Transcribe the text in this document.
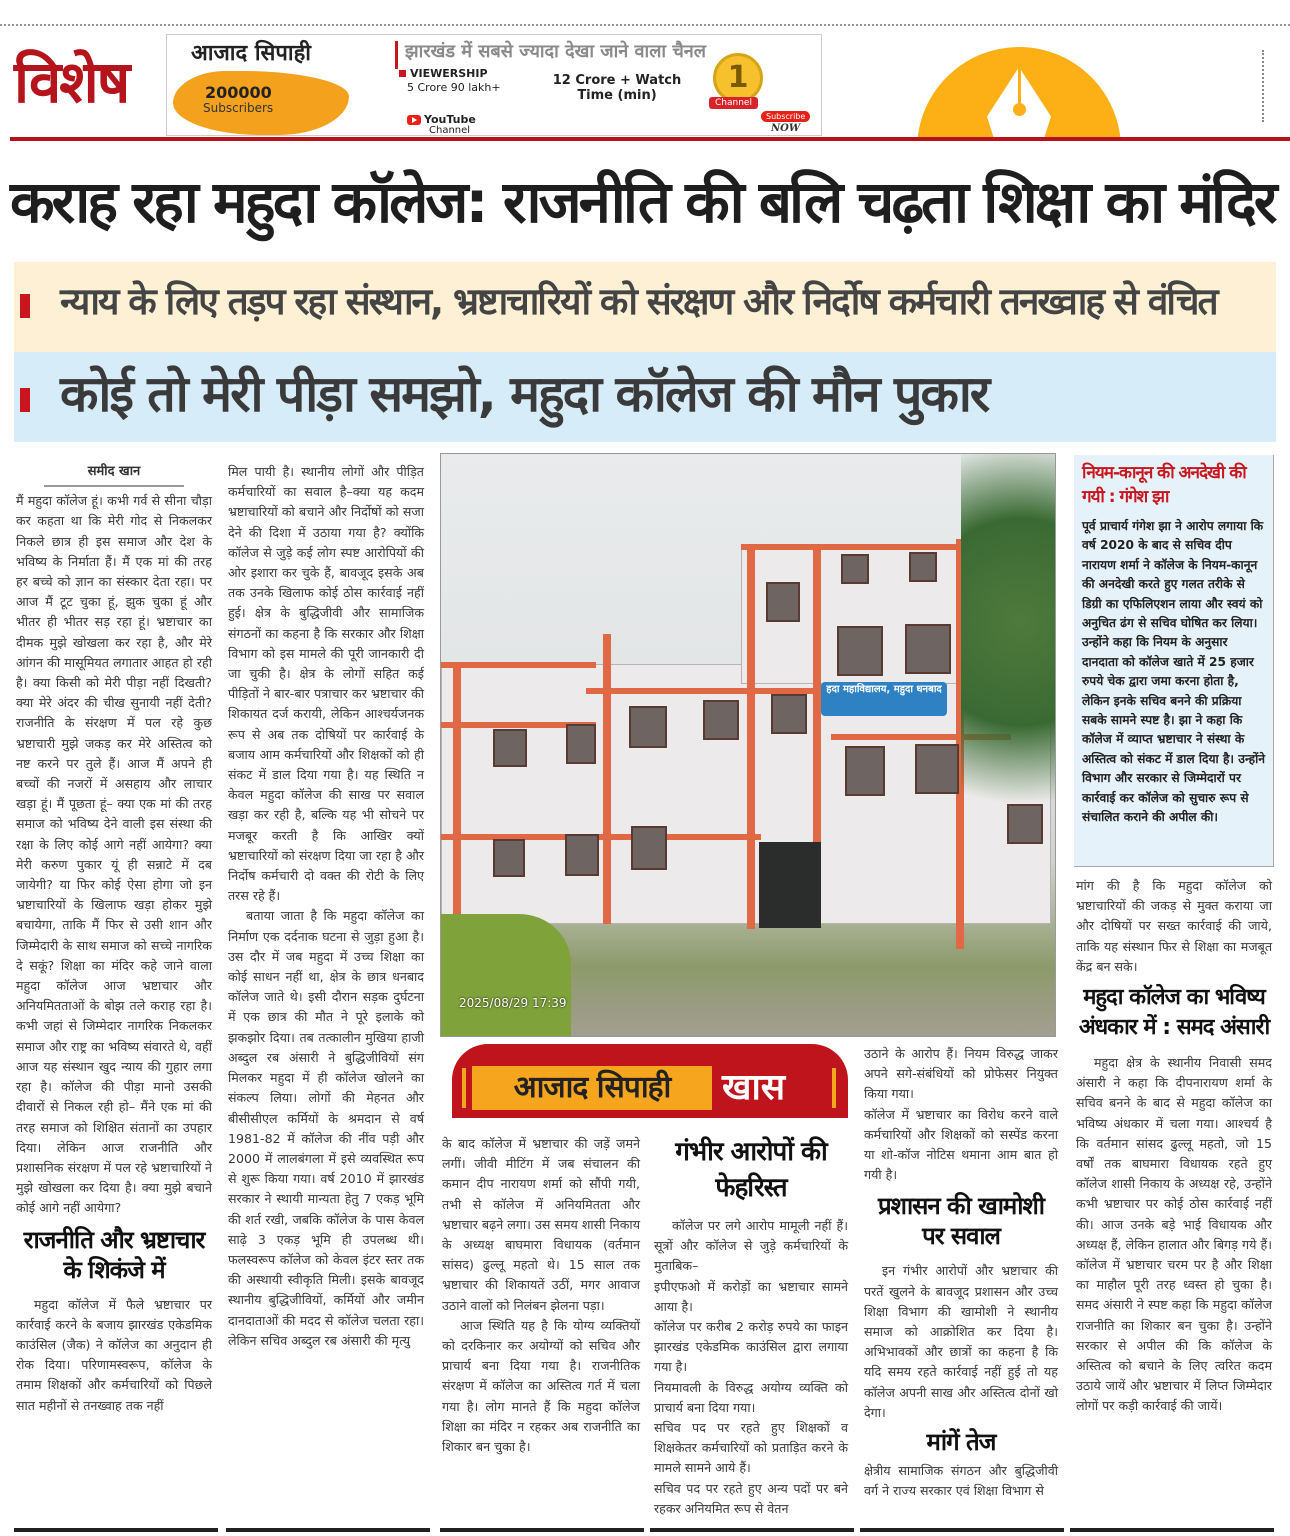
विशेष	आजाद सिपाही	झारखंड में सबसे ज्यादा देखा जाने वाला चैनल
200000
Subscribers
VIEWERSHIP
5 Crore 90 lakh+	12 Crore + Watch Time (min)
YouTube
Channel
1
Channel
Subscribe
NOW
कराह रहा महुदा कॉलेज: राजनीति की बलि चढ़ता शिक्षा का मंदिर
न्याय के लिए तड़प रहा संस्थान, भ्रष्टाचारियों को संरक्षण और निर्दोष कर्मचारी तनख्वाह से वंचित
कोई तो मेरी पीड़ा समझो, महुदा कॉलेज की मौन पुकार
समीद खान

मैं महुदा कॉलेज हूं। कभी गर्व से सीना चौड़ा कर कहता था कि मेरी गोद से निकलकर निकले छात्र ही इस समाज और देश के भविष्य के निर्माता हैं। मैं एक मां की तरह हर बच्चे को ज्ञान का संस्कार देता रहा। पर आज मैं टूट चुका हूं, झुक चुका हूं और भीतर ही भीतर सड़ रहा हूं। भ्रष्टाचार का दीमक मुझे खोखला कर रहा है, और मेरे आंगन की मासूमियत लगातार आहत हो रही है। क्या किसी को मेरी पीड़ा नहीं दिखती? क्या मेरे अंदर की चीख सुनायी नहीं देती? राजनीति के संरक्षण में पल रहे कुछ भ्रष्टाचारी मुझे जकड़ कर मेरे अस्तित्व को नष्ट करने पर तुले हैं। आज मैं अपने ही बच्चों की नजरों में असहाय और लाचार खड़ा हूं। मैं पूछता हूं– क्या एक मां की तरह समाज को भविष्य देने वाली इस संस्था की रक्षा के लिए कोई आगे नहीं आयेगा? क्या मेरी करुण पुकार यूं ही सन्नाटे में दब जायेगी? या फिर कोई ऐसा होगा जो इन भ्रष्टाचारियों के खिलाफ खड़ा होकर मुझे बचायेगा, ताकि मैं फिर से उसी शान और जिम्मेदारी के साथ समाज को सच्चे नागरिक दे सकूं? शिक्षा का मंदिर कहे जाने वाला महुदा कॉलेज आज भ्रष्टाचार और अनियमितताओं के बोझ तले कराह रहा है। कभी जहां से जिम्मेदार नागरिक निकलकर समाज और राष्ट्र का भविष्य संवारते थे, वहीं आज यह संस्थान खुद न्याय की गुहार लगा रहा है। कॉलेज की पीड़ा मानो उसकी दीवारों से निकल रही हो– मैंने एक मां की तरह समाज को शिक्षित संतानों का उपहार दिया। लेकिन आज राजनीति और प्रशासनिक संरक्षण में पल रहे भ्रष्टाचारियों ने मुझे खोखला कर दिया है। क्या मुझे बचाने कोई आगे नहीं आयेगा?

राजनीति और भ्रष्टाचार के शिकंजे में

महुदा कॉलेज में फैले भ्रष्टाचार पर कार्रवाई करने के बजाय झारखंड एकेडमिक काउंसिल (जैक) ने कॉलेज का अनुदान ही रोक दिया। परिणामस्वरूप, कॉलेज के तमाम शिक्षकों और कर्मचारियों को पिछले सात महीनों से तनख्वाह तक नहीं

मिल पायी है। स्थानीय लोगों और पीड़ित कर्मचारियों का सवाल है–क्या यह कदम भ्रष्टाचारियों को बचाने और निर्दोषों को सजा देने की दिशा में उठाया गया है? क्योंकि कॉलेज से जुड़े कई लोग स्पष्ट आरोपियों की ओर इशारा कर चुके हैं, बावजूद इसके अब तक उनके खिलाफ कोई ठोस कार्रवाई नहीं हुई। क्षेत्र के बुद्धिजीवी और सामाजिक संगठनों का कहना है कि सरकार और शिक्षा विभाग को इस मामले की पूरी जानकारी दी जा चुकी है। क्षेत्र के लोगों सहित कई पीड़ितों ने बार-बार पत्राचार कर भ्रष्टाचार की शिकायत दर्ज करायी, लेकिन आश्चर्यजनक रूप से अब तक दोषियों पर कार्रवाई के बजाय आम कर्मचारियों और शिक्षकों को ही संकट में डाल दिया गया है। यह स्थिति न केवल महुदा कॉलेज की साख पर सवाल खड़ा कर रही है, बल्कि यह भी सोचने पर मजबूर करती है कि आखिर क्यों भ्रष्टाचारियों को संरक्षण दिया जा रहा है और निर्दोष कर्मचारी दो वक्त की रोटी के लिए तरस रहे हैं।

बताया जाता है कि महुदा कॉलेज का निर्माण एक दर्दनाक घटना से जुड़ा हुआ है। उस दौर में जब महुदा में उच्च शिक्षा का कोई साधन नहीं था, क्षेत्र के छात्र धनबाद कॉलेज जाते थे। इसी दौरान सड़क दुर्घटना में एक छात्र की मौत ने पूरे इलाके को झकझोर दिया। तब तत्कालीन मुखिया हाजी अब्दुल रब अंसारी ने बुद्धिजीवियों संग मिलकर महुदा में ही कॉलेज खोलने का संकल्प लिया। लोगों की मेहनत और बीसीसीएल कर्मियों के श्रमदान से वर्ष 1981-82 में कॉलेज की नींव पड़ी और 2000 में लालबंगला में इसे व्यवस्थित रूप से शुरू किया गया। वर्ष 2010 में झारखंड सरकार ने स्थायी मान्यता हेतु 7 एकड़ भूमि की शर्त रखी, जबकि कॉलेज के पास केवल साढ़े 3 एकड़ भूमि ही उपलब्ध थी। फलस्वरूप कॉलेज को केवल इंटर स्तर तक की अस्थायी स्वीकृति मिली। इसके बावजूद स्थानीय बुद्धिजीवियों, कर्मियों और जमीन दानदाताओं की मदद से कॉलेज चलता रहा। लेकिन सचिव अब्दुल रब अंसारी की मृत्यु

हदा महाविद्यालय, महुदा धनबाद
2025/08/29 17:39
नियम-कानून की अनदेखी की गयी : गंगेश झा
पूर्व प्राचार्य गंगेश झा ने आरोप लगाया कि वर्ष 2020 के बाद से सचिव दीप नारायण शर्मा ने कॉलेज के नियम-कानून की अनदेखी करते हुए गलत तरीके से डिग्री का एफिलिएशन लाया और स्वयं को अनुचित ढंग से सचिव घोषित कर लिया। उन्होंने कहा कि नियम के अनुसार दानदाता को कॉलेज खाते में 25 हजार रुपये चेक द्वारा जमा करना होता है, लेकिन इनके सचिव बनने की प्रक्रिया सबके सामने स्पष्ट है। झा ने कहा कि कॉलेज में व्याप्त भ्रष्टाचार ने संस्था के अस्तित्व को संकट में डाल दिया है। उन्होंने विभाग और सरकार से जिम्मेदारों पर कार्रवाई कर कॉलेज को सुचारु रूप से संचालित कराने की अपील की।
आजाद सिपाही	खास

के बाद कॉलेज में भ्रष्टाचार की जड़ें जमने लगीं। जीवी मीटिंग में जब संचालन की कमान दीप नारायण शर्मा को सौंपी गयी, तभी से कॉलेज में अनियमितता और भ्रष्टाचार बढ़ने लगा। उस समय शासी निकाय के अध्यक्ष बाघमारा विधायक (वर्तमान सांसद) ढुल्लू महतो थे। 15 साल तक भ्रष्टाचार की शिकायतें उठीं, मगर आवाज उठाने वालों को निलंबन झेलना पड़ा।

आज स्थिति यह है कि योग्य व्यक्तियों को दरकिनार कर अयोग्यों को सचिव और प्राचार्य बना दिया गया है। राजनीतिक संरक्षण में कॉलेज का अस्तित्व गर्त में चला गया है। लोग मानते हैं कि महुदा कॉलेज शिक्षा का मंदिर न रहकर अब राजनीति का शिकार बन चुका है।

गंभीर आरोपों की फेहरिस्त

कॉलेज पर लगे आरोप मामूली नहीं हैं। सूत्रों और कॉलेज से जुड़े कर्मचारियों के मुताबिक–

इपीएफओ में करोड़ों का भ्रष्टाचार सामने आया है।

कॉलेज पर करीब 2 करोड़ रुपये का फाइन झारखंड एकेडमिक काउंसिल द्वारा लगाया गया है।

नियमावली के विरुद्ध अयोग्य व्यक्ति को प्राचार्य बना दिया गया।

सचिव पद पर रहते हुए शिक्षकों व शिक्षकेतर कर्मचारियों को प्रताड़ित करने के मामले सामने आये हैं।

सचिव पद पर रहते हुए अन्य पदों पर बने रहकर अनियमित रूप से वेतन

उठाने के आरोप हैं। नियम विरुद्ध जाकर अपने सगे-संबंधियों को प्रोफेसर नियुक्त किया गया।

कॉलेज में भ्रष्टाचार का विरोध करने वाले कर्मचारियों और शिक्षकों को सस्पेंड करना या शो-कॉज नोटिस थमाना आम बात हो गयी है।

प्रशासन की खामोशी पर सवाल

इन गंभीर आरोपों और भ्रष्टाचार की परतें खुलने के बावजूद प्रशासन और उच्च शिक्षा विभाग की खामोशी ने स्थानीय समाज को आक्रोशित कर दिया है। अभिभावकों और छात्रों का कहना है कि यदि समय रहते कार्रवाई नहीं हुई तो यह कॉलेज अपनी साख और अस्तित्व दोनों खो देगा।

मांगें तेज

क्षेत्रीय सामाजिक संगठन और बुद्धिजीवी वर्ग ने राज्य सरकार एवं शिक्षा विभाग से

मांग की है कि महुदा कॉलेज को भ्रष्टाचारियों की जकड़ से मुक्त कराया जा और दोषियों पर सख्त कार्रवाई की जाये, ताकि यह संस्थान फिर से शिक्षा का मजबूत केंद्र बन सके।

महुदा कॉलेज का भविष्य अंधकार में : समद अंसारी

महुदा क्षेत्र के स्थानीय निवासी समद अंसारी ने कहा कि दीपनारायण शर्मा के सचिव बनने के बाद से महुदा कॉलेज का भविष्य अंधकार में चला गया। आश्चर्य है कि वर्तमान सांसद ढुल्लू महतो, जो 15 वर्षों तक बाघमारा विधायक रहते हुए कॉलेज शासी निकाय के अध्यक्ष रहे, उन्होंने कभी भ्रष्टाचार पर कोई ठोस कार्रवाई नहीं की। आज उनके बड़े भाई विधायक और अध्यक्ष हैं, लेकिन हालात और बिगड़ गये हैं। कॉलेज में भ्रष्टाचार चरम पर है और शिक्षा का माहौल पूरी तरह ध्वस्त हो चुका है। समद अंसारी ने स्पष्ट कहा कि महुदा कॉलेज राजनीति का शिकार बन चुका है। उन्होंने सरकार से अपील की कि कॉलेज के अस्तित्व को बचाने के लिए त्वरित कदम उठाये जायें और भ्रष्टाचार में लिप्त जिम्मेदार लोगों पर कड़ी कार्रवाई की जायें।
